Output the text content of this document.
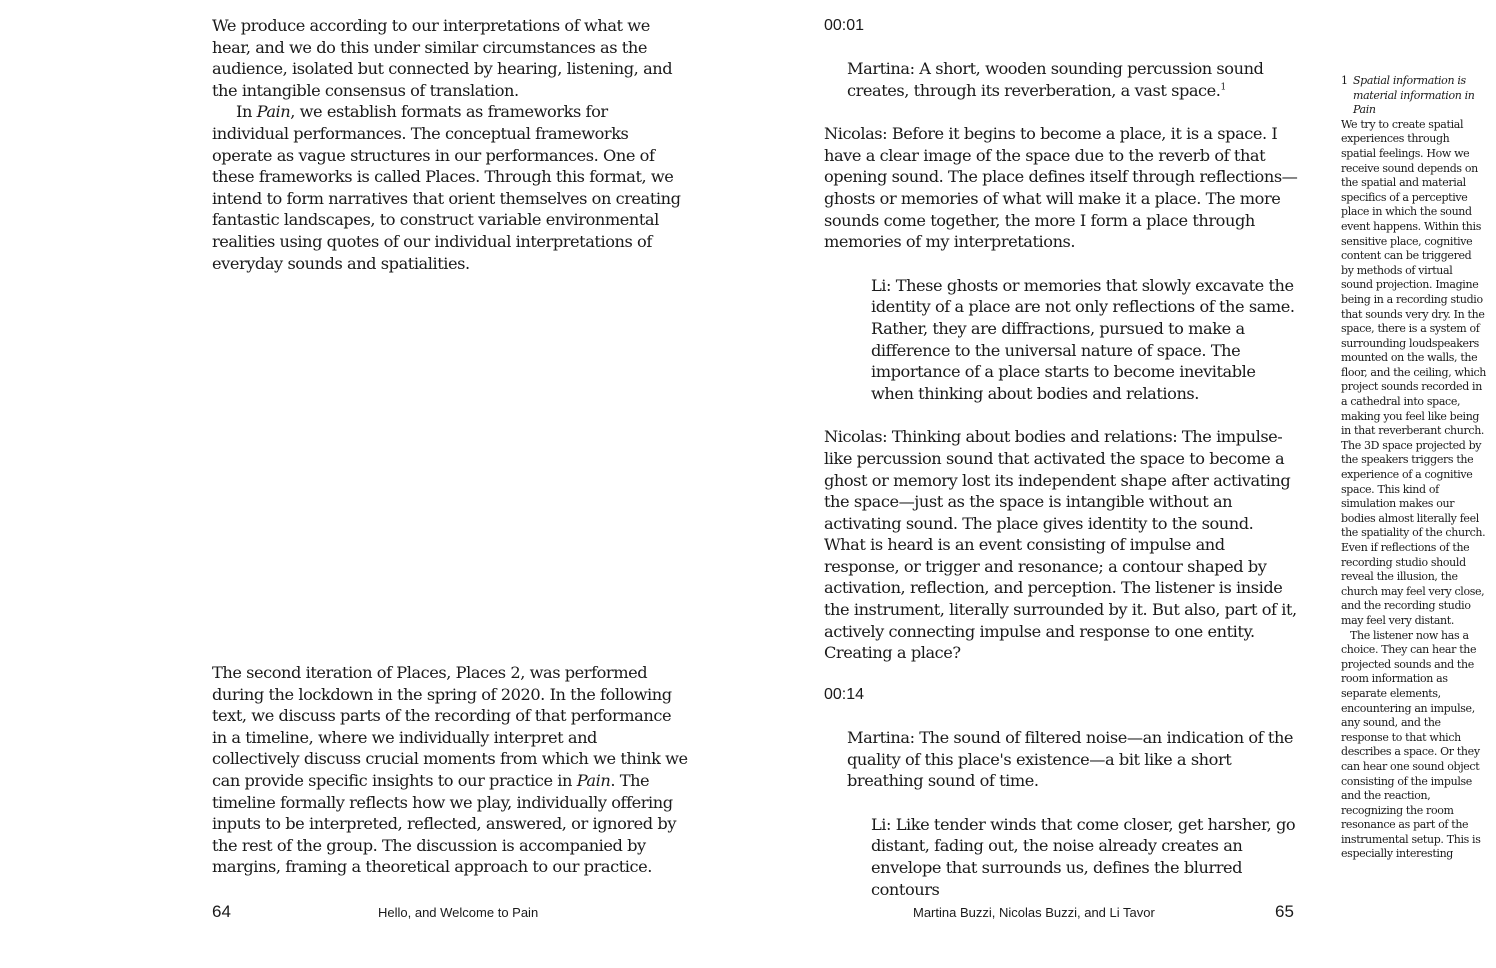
We produce according to our interpretations of what we hear, and we do this under similar circumstances as the audience, isolated but connected by hearing, listening, and the intangible consensus of translation.

In Pain, we establish formats as frameworks for individual performances. The conceptual frameworks operate as vague structures in our performances. One of these frameworks is called Places. Through this format, we intend to form narratives that orient themselves on creating fantastic landscapes, to construct variable environmental realities using quotes of our individual interpretations of everyday sounds and spatialities.

The second iteration of Places, Places 2, was performed during the lockdown in the spring of 2020. In the following text, we discuss parts of the recording of that performance in a timeline, where we individually interpret and collectively discuss crucial moments from which we think we can provide specific insights to our practice in Pain. The timeline formally reflects how we play, individually offering inputs to be interpreted, reflected, answered, or ignored by the rest of the group. The discussion is accompanied by margins, framing a theoretical approach to our practice.

64	Hello, and Welcome to Pain
00:01

Martina: A short, wooden sounding percussion sound creates, through its reverberation, a vast space.$^1$

Nicolas: Before it begins to become a place, it is a space. I have a clear image of the space due to the reverb of that opening sound. The place defines itself through reflections—ghosts or memories of what will make it a place. The more sounds come together, the more I form a place through memories of my interpretations.

Li: These ghosts or memories that slowly excavate the identity of a place are not only reflections of the same. Rather, they are diffractions, pursued to make a difference to the universal nature of space. The importance of a place starts to become inevitable when thinking about bodies and relations.

Nicolas: Thinking about bodies and relations: The impulse-like percussion sound that activated the space to become a ghost or memory lost its independent shape after activating the space—just as the space is intangible without an activating sound. The place gives identity to the sound. What is heard is an event consisting of impulse and response, or trigger and resonance; a contour shaped by activation, reflection, and perception. The listener is inside the instrument, literally surrounded by it. But also, part of it, actively connecting impulse and response to one entity. Creating a place?

00:14

Martina: The sound of filtered noise—an indication of the quality of this place's existence—a bit like a short breathing sound of time.

Li: Like tender winds that come closer, get harsher, go distant, fading out, the noise already creates an envelope that surrounds us, defines the blurred contours

1 Spatial information is material information in Pain

We try to create spatial experiences through spatial feelings. How we receive sound depends on the spatial and material specifics of a perceptive place in which the sound event happens. Within this sensitive place, cognitive content can be triggered by methods of virtual sound projection. Imagine being in a recording studio that sounds very dry. In the space, there is a system of surrounding loudspeakers mounted on the walls, the floor, and the ceiling, which project sounds recorded in a cathedral into space, making you feel like being in that reverberant church. The 3D space projected by the speakers triggers the experience of a cognitive space. This kind of simulation makes our bodies almost literally feel the spatiality of the church. Even if reflections of the recording studio should reveal the illusion, the church may feel very close, and the recording studio may feel very distant.

The listener now has a choice. They can hear the projected sounds and the room information as separate elements, encountering an impulse, any sound, and the response to that which describes a space. Or they can hear one sound object consisting of the impulse and the reaction, recognizing the room resonance as part of the instrumental setup. This is especially interesting

Martina Buzzi, Nicolas Buzzi, and Li Tavor	65
